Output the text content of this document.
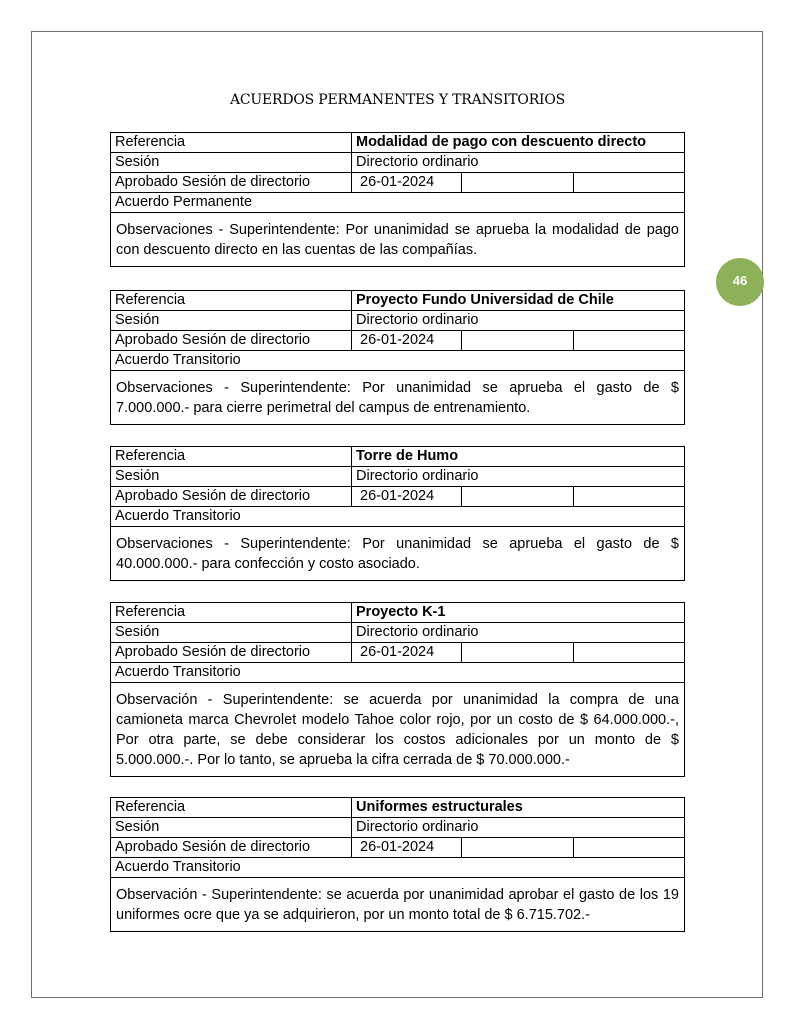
ACUERDOS PERMANENTES Y TRANSITORIOS
46
Referencia	Modalidad de pago con descuento directo
Sesión	Directorio ordinario
Aprobado Sesión de directorio	26-01-2024
Acuerdo Permanente
Observaciones - Superintendente: Por unanimidad se aprueba la modalidad de pago con descuento directo en las cuentas de las compañías.
Referencia	Proyecto Fundo Universidad de Chile
Sesión	Directorio ordinario
Aprobado Sesión de directorio	26-01-2024
Acuerdo Transitorio
Observaciones - Superintendente: Por unanimidad se aprueba el gasto de $ 7.000.000.- para cierre perimetral del campus de entrenamiento.
Referencia	Torre de Humo
Sesión	Directorio ordinario
Aprobado Sesión de directorio	26-01-2024
Acuerdo Transitorio
Observaciones - Superintendente: Por unanimidad se aprueba el gasto de $ 40.000.000.- para confección y costo asociado.
Referencia	Proyecto K-1
Sesión	Directorio ordinario
Aprobado Sesión de directorio	26-01-2024
Acuerdo Transitorio
Observación - Superintendente: se acuerda por unanimidad la compra de una camioneta marca Chevrolet modelo Tahoe color rojo, por un costo de $ 64.000.000.-, Por otra parte, se debe considerar los costos adicionales por un monto de $ 5.000.000.-. Por lo tanto, se aprueba la cifra cerrada de $ 70.000.000.-
Referencia	Uniformes estructurales
Sesión	Directorio ordinario
Aprobado Sesión de directorio	26-01-2024
Acuerdo Transitorio
Observación - Superintendente: se acuerda por unanimidad aprobar el gasto de los 19 uniformes ocre que ya se adquirieron, por un monto total de $ 6.715.702.-
